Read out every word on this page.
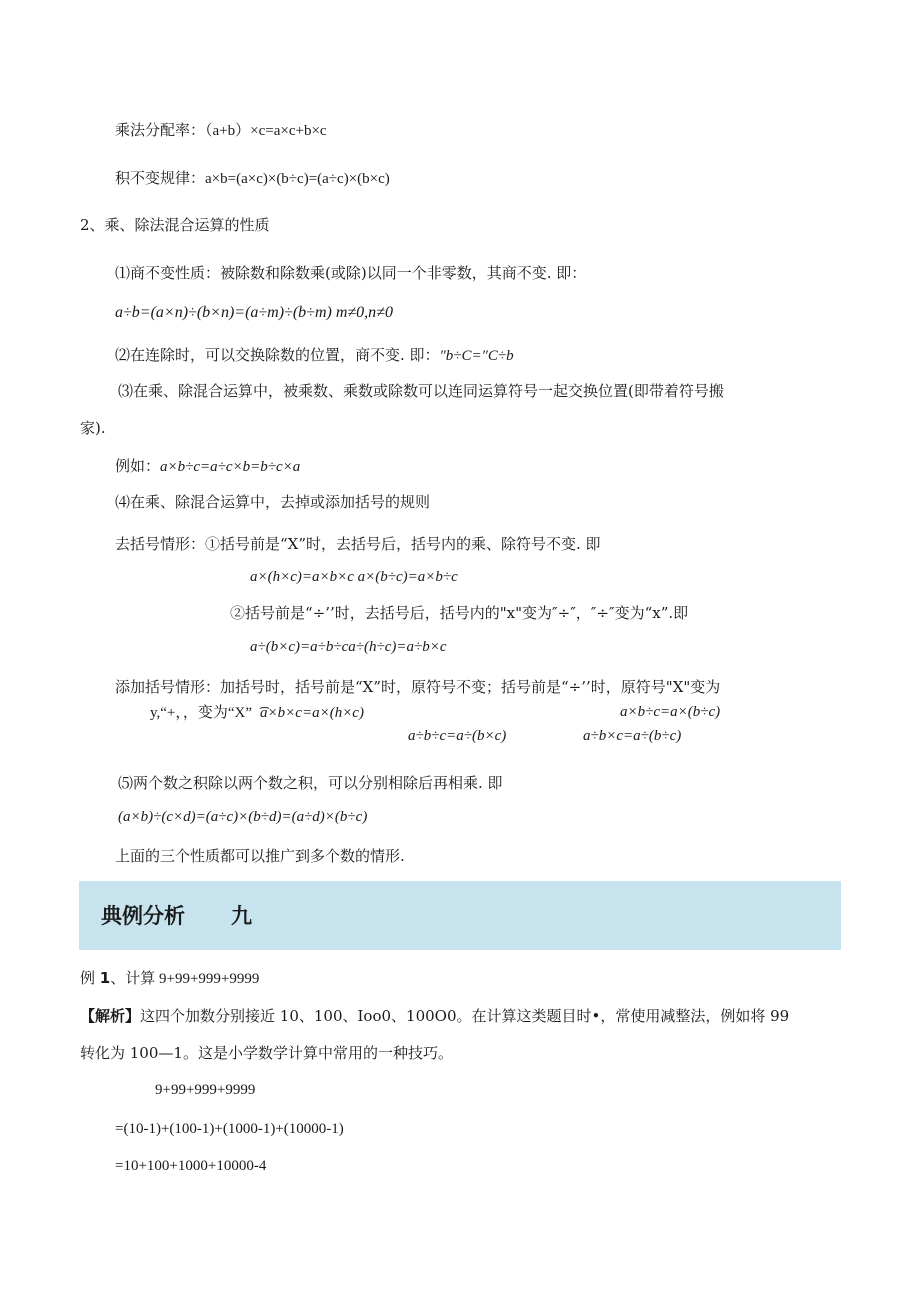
乘法分配率：（a+b）×c=a×c+b×c
积不变规律：a×b=(a×c)×(b÷c)=(a÷c)×(b×c)
2、乘、除法混合运算的性质
⑴商不变性质：被除数和除数乘(或除)以同一个非零数，其商不变. 即：
a÷b=(a×n)÷(b×n)=(a÷m)÷(b÷m) m≠0,n≠0
⑵在连除时，可以交换除数的位置，商不变. 即：″b÷C=″C÷b
⑶在乘、除混合运算中，被乘数、乘数或除数可以连同运算符号一起交换位置(即带着符号搬
家).
例如：a×b÷c=a÷c×b=b÷c×a
⑷在乘、除混合运算中，去掉或添加括号的规则
去括号情形：①括号前是“X”时，去括号后，括号内的乘、除符号不变. 即
a×(h×c)=a×b×c a×(b÷c)=a×b÷c
②括号前是“÷’’时，去括号后，括号内的"x"变为″÷″，″÷″变为“x”.即
a÷(b×c)=a÷b÷ca÷(h÷c)=a÷b×c
添加括号情形：加括号时，括号前是“X”时，原符号不变；括号前是“÷’’时，原符号"X"变为
y,“+，，变为“X” ͡a×b×c=a×(h×c)	a×b÷c=a×(b÷c)
a÷b÷c=a÷(b×c)	a÷b×c=a÷(b÷c)
⑸两个数之积除以两个数之积，可以分别相除后再相乘. 即
(a×b)÷(c×d)=(a÷c)×(b÷d)=(a÷d)×(b÷c)
上面的三个性质都可以推广到多个数的情形.
典例分析 九
例 1、计算 9+99+999+9999
【解析】这四个加数分别接近 10、100、Ioo0、100O0。在计算这类题目时•，常使用减整法，例如将 99
转化为 100—1。这是小学数学计算中常用的一种技巧。
9+99+999+9999
=(10-1)+(100-1)+(1000-1)+(10000-1)
=10+100+1000+10000-4
